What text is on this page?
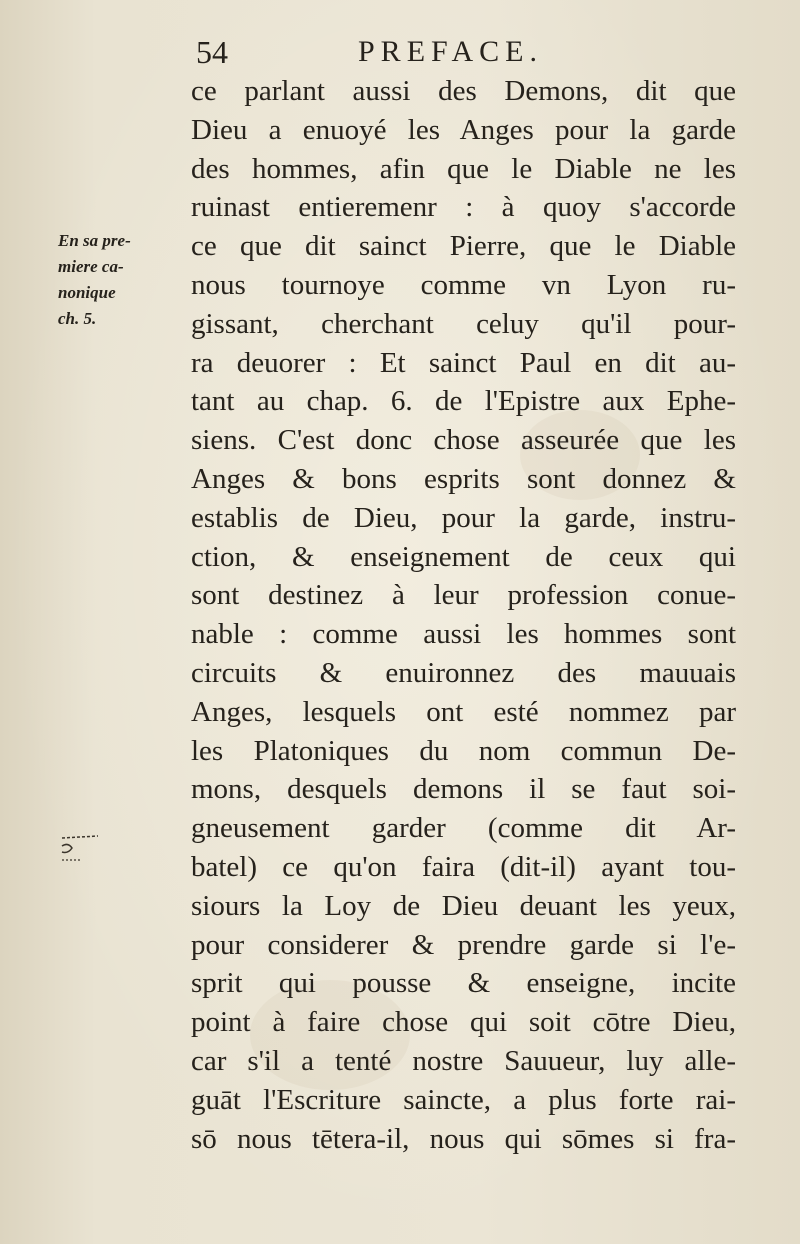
54	PREFACE.
En sa pre-
miere ca-
nonique
ch. 5.
ce parlant aussi des Demons, dit que
Dieu a enuoyé les Anges pour la garde
des hommes, afin que le Diable ne les
ruinast entieremenr : à quoy s'accorde
ce que dit sainct Pierre, que le Diable
nous tournoye comme vn Lyon ru-
gissant, cherchant celuy qu'il pour-
ra deuorer : Et sainct Paul en dit au-
tant au chap. 6. de l'Epistre aux Ephe-
siens. C'est donc chose asseurée que les
Anges & bons esprits sont donnez &
establis de Dieu, pour la garde, instru-
ction, & enseignement de ceux qui
sont destinez à leur profession conue-
nable : comme aussi les hommes sont
circuits & enuironnez des mauuais
Anges, lesquels ont esté nommez par
les Platoniques du nom commun De-
mons, desquels demons il se faut soi-
gneusement garder (comme dit Ar-
batel) ce qu'on faira (dit-il) ayant tou-
siours la Loy de Dieu deuant les yeux,
pour considerer & prendre garde si l'e-
sprit qui pousse & enseigne, incite
point à faire chose qui soit cōtre Dieu,
car s'il a tenté nostre Sauueur, luy alle-
guāt l'Escriture saincte, a plus forte rai-
sō nous tētera-il, nous qui sōmes si fra-
